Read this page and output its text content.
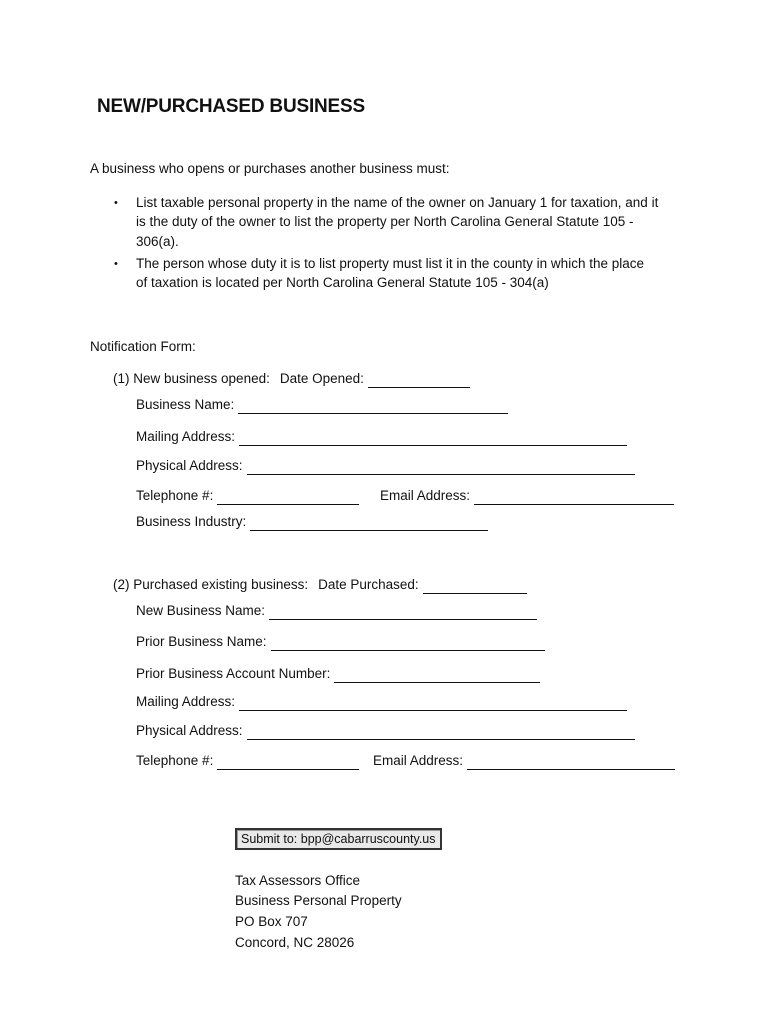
NEW/PURCHASED BUSINESS
A business who opens or purchases another business must:
• List taxable personal property in the name of the owner on January 1 for taxation, and it
is the duty of the owner to list the property per North Carolina General Statute 105 -
306(a).
• The person whose duty it is to list property must list it in the county in which the place
of taxation is located per North Carolina General Statute 105 - 304(a)
Notification Form:
(1) New business opened: Date Opened:
Business Name:
Mailing Address:
Physical Address:
Telephone #:	Email Address:
Business Industry:
(2) Purchased existing business: Date Purchased:
New Business Name:
Prior Business Name:
Prior Business Account Number:
Mailing Address:
Physical Address:
Telephone #:	Email Address:
Submit to: bpp@cabarruscounty.us
Tax Assessors Office
Business Personal Property
PO Box 707
Concord, NC 28026
